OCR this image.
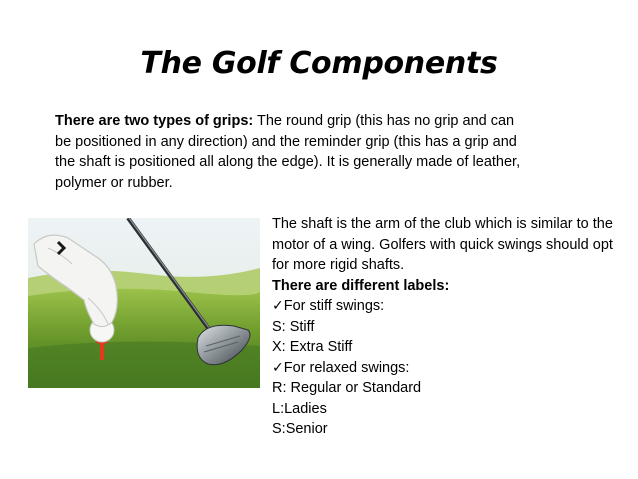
The Golf Components

There are two types of grips: The round grip (this has no grip and can be positioned in any direction) and the reminder grip (this has a grip and the shaft is positioned all along the edge). It is generally made of leather, polymer or rubber.

The shaft is the arm of the club which is similar to the motor of a wing. Golfers with quick swings should opt for more rigid shafts.

There are different labels:

✓For stiff swings:

S: Stiff

X: Extra Stiff

✓For relaxed swings:

R: Regular or Standard

L:Ladies

S:Senior
